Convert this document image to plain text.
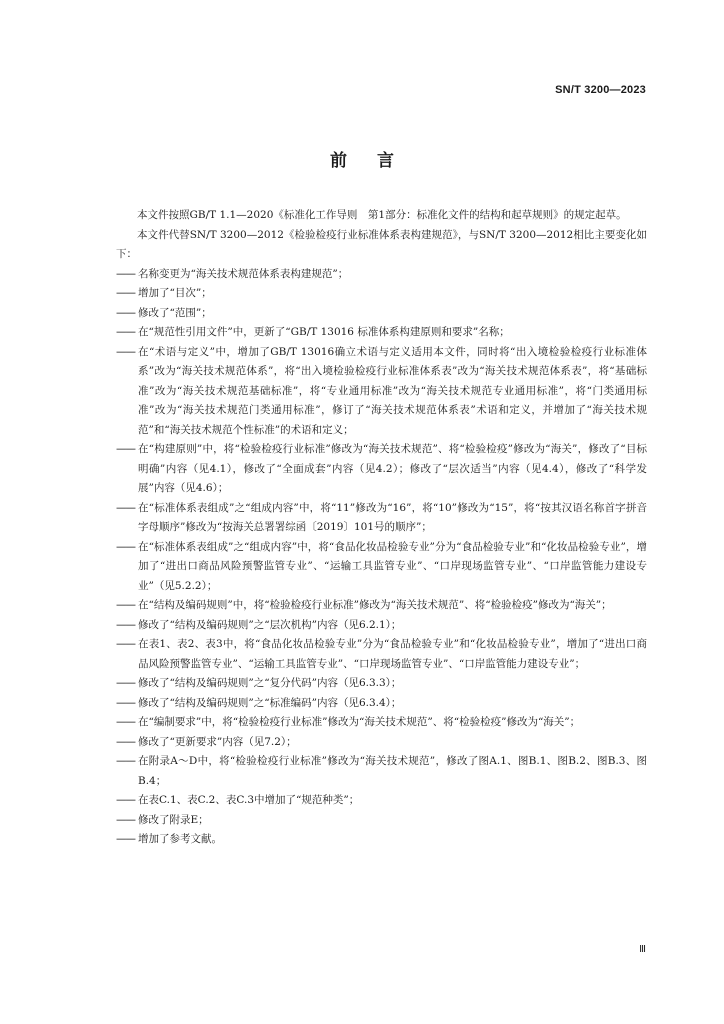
SN/T 3200—2023
前言

本文件按照GB/T 1.1—2020《标准化工作导则　第1部分：标准化文件的结构和起草规则》的规定起草。

本文件代替SN/T 3200—2012《检验检疫行业标准体系表构建规范》，与SN/T 3200—2012相比主要变化如下：

—— 名称变更为“海关技术规范体系表构建规范”；
—— 增加了“目次”；
—— 修改了“范围”；
—— 在“规范性引用文件”中，更新了“GB/T 13016 标准体系构建原则和要求”名称；
—— 在“术语与定义”中，增加了GB/T 13016确立术语与定义适用本文件，同时将“出入境检验检疫行业标准体系”改为“海关技术规范体系”，将“出入境检验检疫行业标准体系表”改为“海关技术规范体系表”，将“基础标准”改为“海关技术规范基础标准”，将“专业通用标准”改为“海关技术规范专业通用标准”，将“门类通用标准”改为“海关技术规范门类通用标准”，修订了“海关技术规范体系表”术语和定义，并增加了“海关技术规范”和“海关技术规范个性标准”的术语和定义；
—— 在“构建原则”中，将“检验检疫行业标准”修改为“海关技术规范”、将“检验检疫”修改为“海关”，修改了“目标明确”内容（见4.1），修改了“全面成套”内容（见4.2）；修改了“层次适当”内容（见4.4），修改了“科学发展”内容（见4.6）；
—— 在“标准体系表组成”之“组成内容”中，将“11”修改为“16”，将“10”修改为“15”，将“按其汉语名称首字拼音字母顺序”修改为“按海关总署署综函〔2019〕101号的顺序”；
—— 在“标准体系表组成”之“组成内容”中，将“食品化妆品检验专业”分为“食品检验专业”和“化妆品检验专业”，增加了“进出口商品风险预警监管专业”、“运输工具监管专业”、“口岸现场监管专业”、“口岸监管能力建设专业”（见5.2.2）；
—— 在“结构及编码规则”中，将“检验检疫行业标准”修改为“海关技术规范”、将“检验检疫”修改为“海关”；
—— 修改了“结构及编码规则”之“层次机构”内容（见6.2.1）；
—— 在表1、表2、表3中，将“食品化妆品检验专业”分为“食品检验专业”和“化妆品检验专业”，增加了“进出口商品风险预警监管专业”、“运输工具监管专业”、“口岸现场监管专业”、“口岸监管能力建设专业”；
—— 修改了“结构及编码规则”之“复分代码”内容（见6.3.3）；
—— 修改了“结构及编码规则”之“标准编码”内容（见6.3.4）；
—— 在“编制要求”中，将“检验检疫行业标准”修改为“海关技术规范”、将“检验检疫”修改为“海关”；
—— 修改了“更新要求”内容（见7.2）；
—— 在附录A～D中，将“检验检疫行业标准”修改为“海关技术规范”，修改了图A.1、图B.1、图B.2、图B.3、图B.4；
—— 在表C.1、表C.2、表C.3中增加了“规范种类”；
—— 修改了附录E；
—— 增加了参考文献。
Ⅲ
